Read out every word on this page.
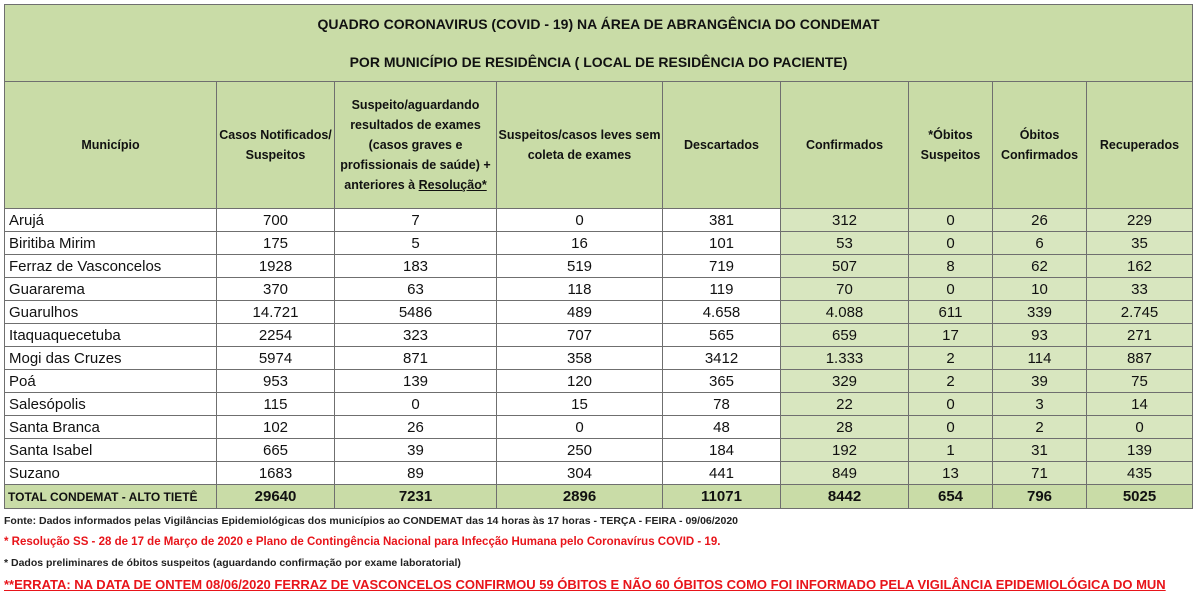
QUADRO CORONAVIRUS (COVID - 19) NA ÁREA DE ABRANGÊNCIA DO CONDEMAT								
POR MUNICÍPIO DE RESIDÊNCIA ( LOCAL DE RESIDÊNCIA DO PACIENTE)								
Município	Casos Notificados/ Suspeitos	Suspeito/aguardando resultados de exames (casos graves e profissionais de saúde) + anteriores à Resolução*	Suspeitos/casos leves sem coleta de exames	Descartados	Confirmados	*Óbitos Suspeitos	Óbitos Confirmados	Recuperados
Arujá	700	7	0	381	312	0	26	229
Biritiba Mirim	175	5	16	101	53	0	6	35
Ferraz de Vasconcelos	1928	183	519	719	507	8	62	162
Guararema	370	63	118	119	70	0	10	33
Guarulhos	14.721	5486	489	4.658	4.088	611	339	2.745
Itaquaquecetuba	2254	323	707	565	659	17	93	271
Mogi das Cruzes	5974	871	358	3412	1.333	2	114	887
Poá	953	139	120	365	329	2	39	75
Salesópolis	115	0	15	78	22	0	3	14
Santa Branca	102	26	0	48	28	0	2	0
Santa Isabel	665	39	250	184	192	1	31	139
Suzano	1683	89	304	441	849	13	71	435
TOTAL CONDEMAT - ALTO TIETÊ	29640	7231	2896	11071	8442	654	796	5025
Fonte: Dados informados pelas Vigilâncias Epidemiológicas dos municípios ao CONDEMAT das 14 horas às 17 horas - TERÇA - FEIRA - 09/06/2020
* Resolução SS - 28 de 17 de Março de 2020 e Plano de Contingência Nacional para Infecção Humana pelo Coronavírus COVID - 19.
* Dados preliminares de óbitos suspeitos (aguardando confirmação por exame laboratorial)
**ERRATA: NA DATA DE ONTEM 08/06/2020 FERRAZ DE VASCONCELOS CONFIRMOU 59 ÓBITOS E NÃO 60 ÓBITOS COMO FOI INFORMADO PELA VIGILÂNCIA EPIDEMIOLÓGICA DO MUN
